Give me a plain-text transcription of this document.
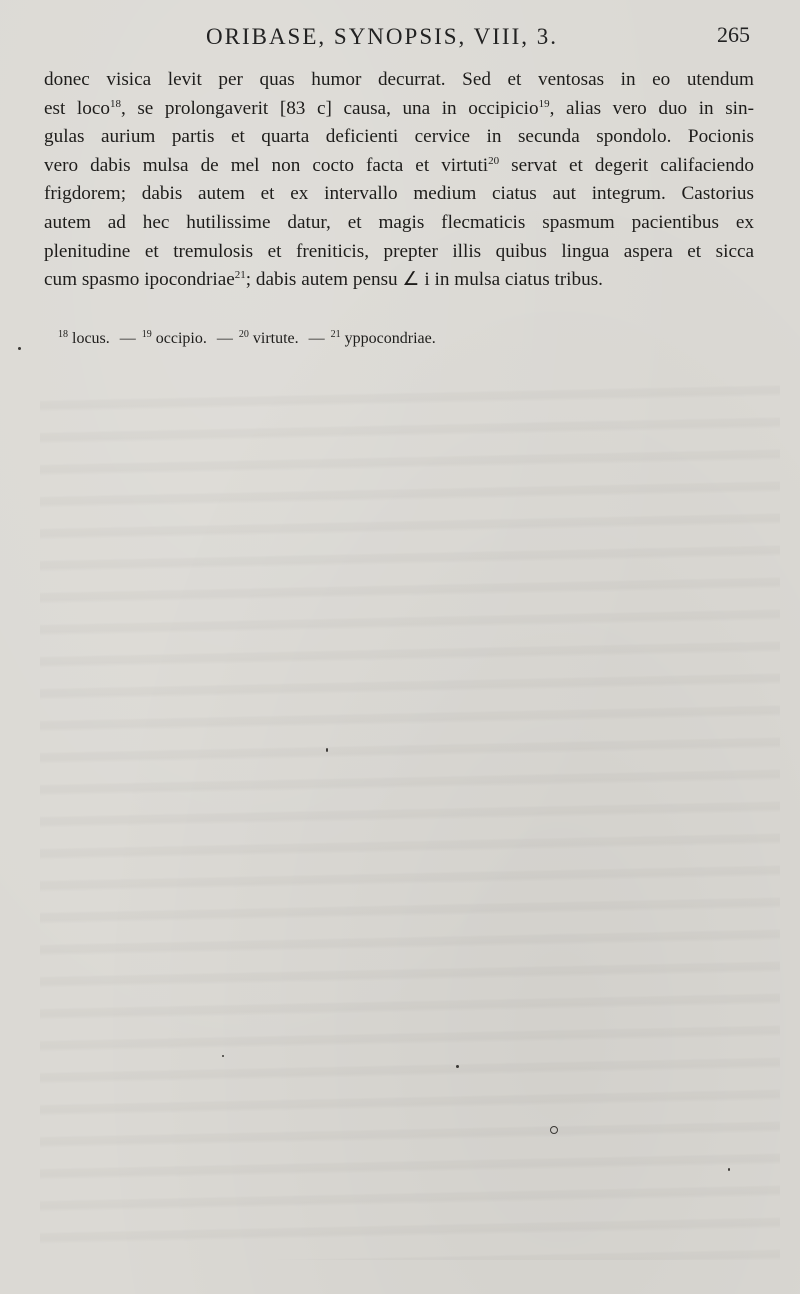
ORIBASE, SYNOPSIS, VIII, 3.	265
donec visica levit per quas humor decurrat. Sed et ventosas in eo utendum
est loco$^{18}$, se prolongaverit [83 c] causa, una in occipicio$^{19}$, alias vero duo in sin-
gulas aurium partis et quarta deficienti cervice in secunda spondolo. Pocionis
vero dabis mulsa de mel non cocto facta et virtuti$^{20}$ servat et degerit califaciendo
frigdorem; dabis autem et ex intervallo medium ciatus aut integrum. Castorius
autem ad hec hutilissime datur, et magis flecmaticis spasmum pacientibus ex
plenitudine et tremulosis et freniticis, prepter illis quibus lingua aspera et sicca
cum spasmo ipocondriae$^{21}$; dabis autem pensu ∠ i in mulsa ciatus tribus.
$^{18}$ locus. — $^{19}$ occipio. — $^{20}$ virtute. — $^{21}$ yppocondriae.
